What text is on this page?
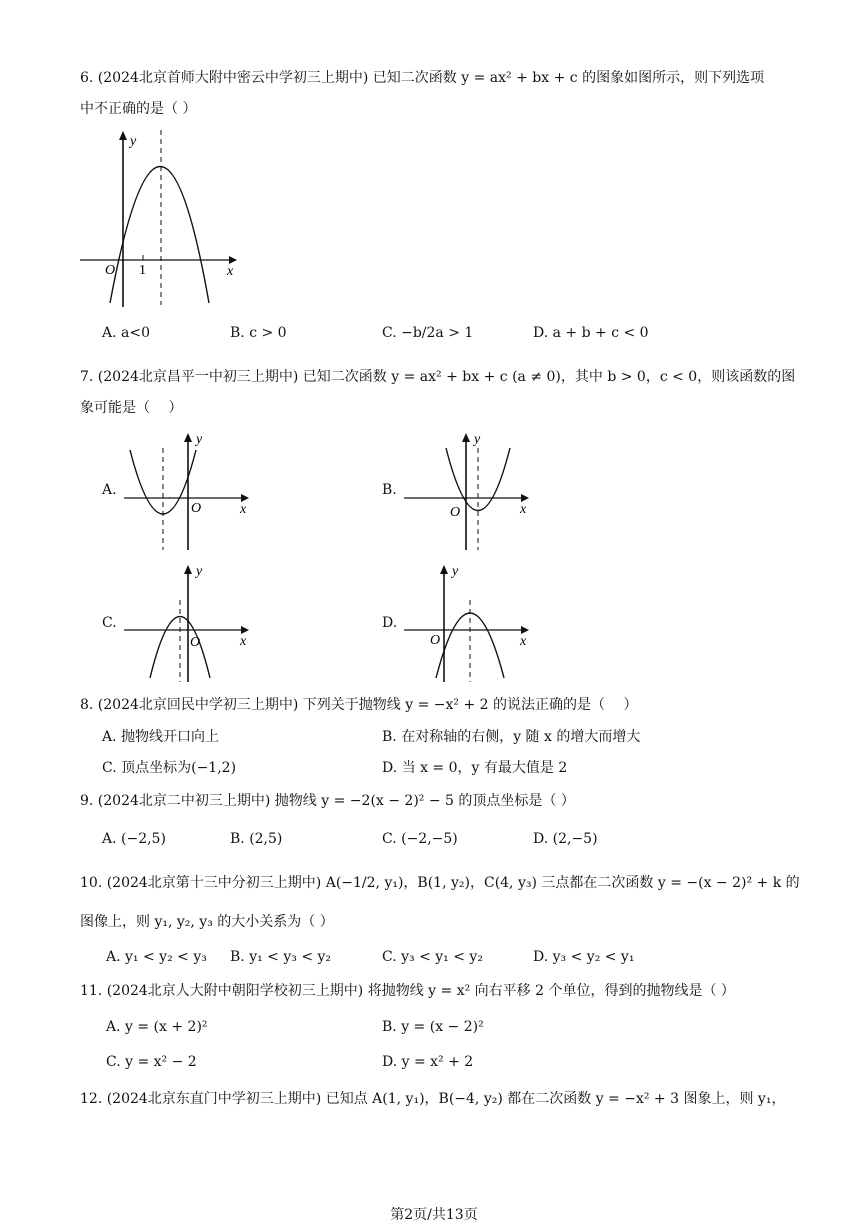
6. (2024北京首师大附中密云中学初三上期中) 已知二次函数 y = ax² + bx + c 的图象如图所示，则下列选项
中不正确的是（ ）
y
x
O 1
A. a<0	B. c > 0	C. −b/2a > 1	D. a + b + c < 0
7. (2024北京昌平一中初三上期中) 已知二次函数 y = ax² + bx + c (a ≠ 0)，其中 b > 0，c < 0，则该函数的图
象可能是（　 ）
A.
y
x
O
B.
y
x
O
C.
y
x
O
D.
y
x
O
8. (2024北京回民中学初三上期中) 下列关于抛物线 y = −x² + 2 的说法正确的是（　 ）
A. 抛物线开口向上	B. 在对称轴的右侧，y 随 x 的增大而增大
C. 顶点坐标为(−1,2)	D. 当 x = 0，y 有最大值是 2
9. (2024北京二中初三上期中) 抛物线 y = −2(x − 2)² − 5 的顶点坐标是（ ）
A. (−2,5)	B. (2,5)	C. (−2,−5)	D. (2,−5)
10. (2024北京第十三中分初三上期中) A(−1/2, y₁)，B(1, y₂)，C(4, y₃) 三点都在二次函数 y = −(x − 2)² + k 的
图像上，则 y₁, y₂, y₃ 的大小关系为（ ）
A. y₁ < y₂ < y₃ B. y₁ < y₃ < y₂	C. y₃ < y₁ < y₂	D. y₃ < y₂ < y₁
11. (2024北京人大附中朝阳学校初三上期中) 将抛物线 y = x² 向右平移 2 个单位，得到的抛物线是（ ）
A. y = (x + 2)²	B. y = (x − 2)²
C. y = x² − 2	D. y = x² + 2
12. (2024北京东直门中学初三上期中) 已知点 A(1, y₁)，B(−4, y₂) 都在二次函数 y = −x² + 3 图象上，则 y₁，
第2页/共13页
